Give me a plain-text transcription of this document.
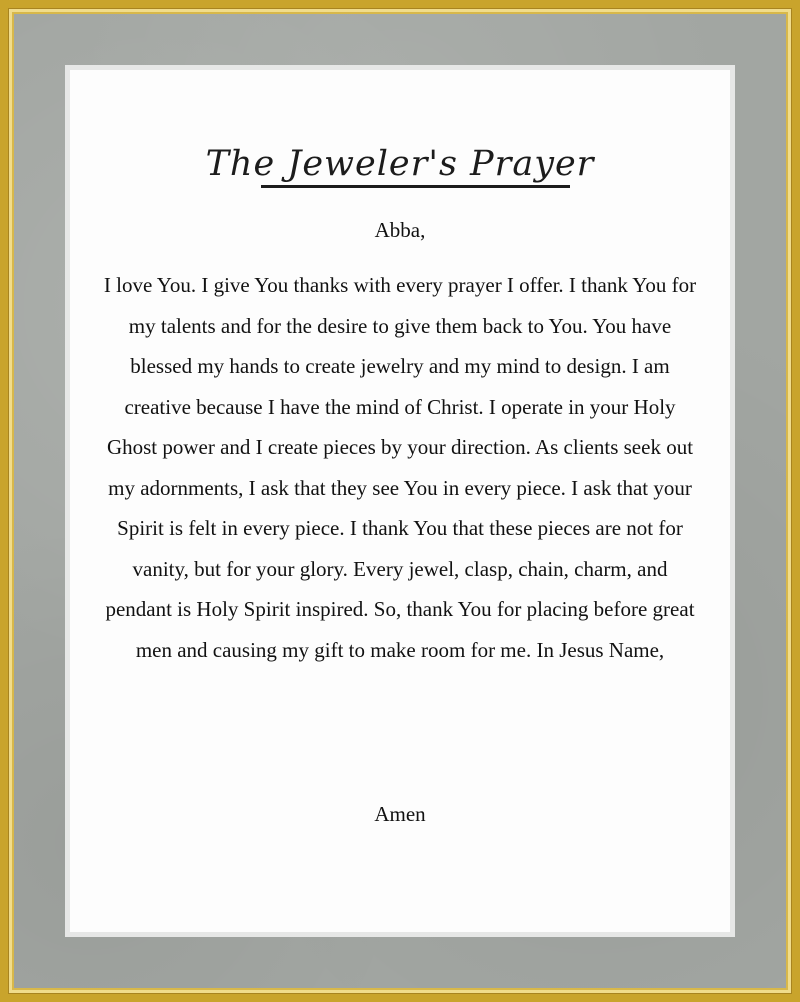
The Jeweler's Prayer
Abba,

I love You. I give You thanks with every prayer I offer. I thank You for my talents and for the desire to give them back to You. You have blessed my hands to create jewelry and my mind to design. I am creative because I have the mind of Christ. I operate in your Holy Ghost power and I create pieces by your direction. As clients seek out my adornments, I ask that they see You in every piece. I ask that your Spirit is felt in every piece. I thank You that these pieces are not for vanity, but for your glory. Every jewel, clasp, chain, charm, and pendant is Holy Spirit inspired. So, thank You for placing before great men and causing my gift to make room for me. In Jesus Name,

Amen
